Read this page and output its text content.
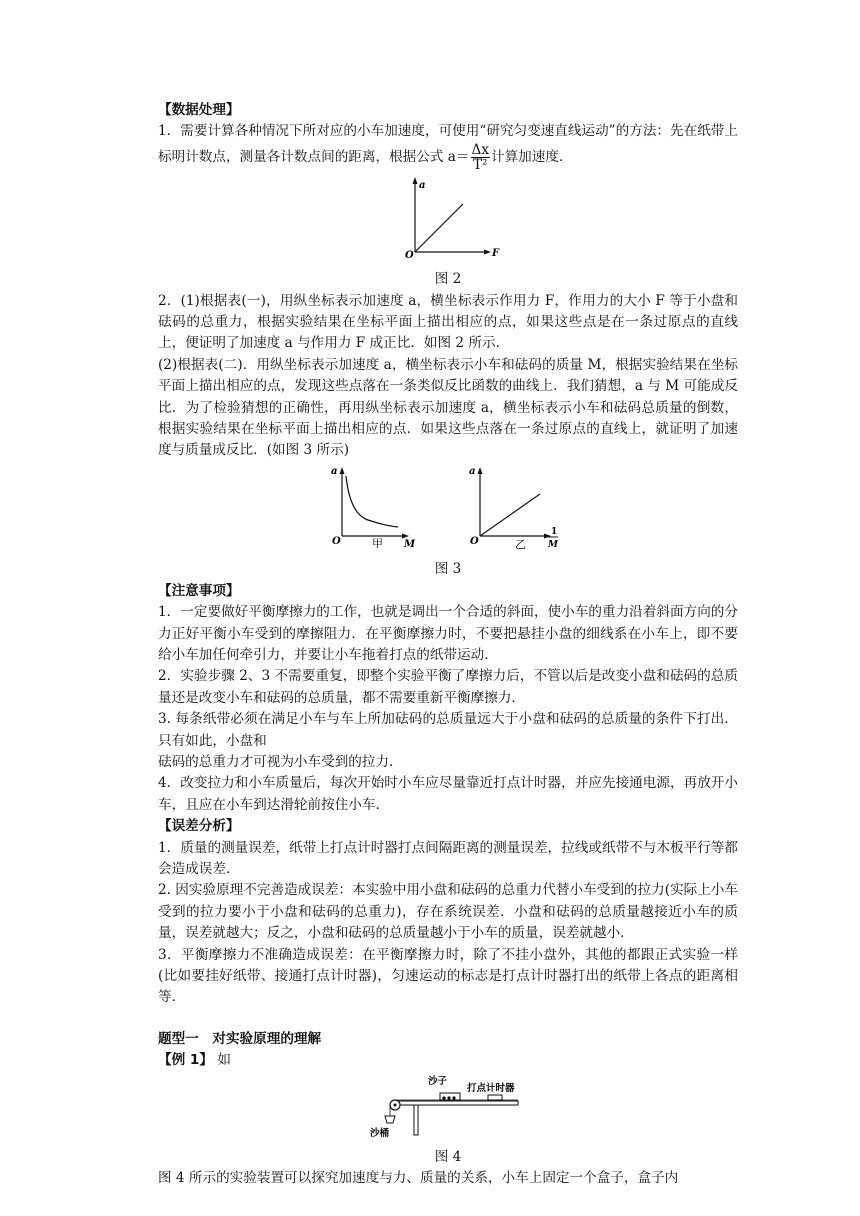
【数据处理】
1．需要计算各种情况下所对应的小车加速度，可使用“研究匀变速直线运动”的方法：先在纸带上标明计数点，测量各计数点间的距离，根据公式 $a= \frac{\Delta x}{\text{T²}}$ 计算加速度．
a
O	F
图 2
2．(1)根据表(一)，用纵坐标表示加速度 a，横坐标表示作用力 F，作用力的大小 F 等于小盘和砝码的总重力，根据实验结果在坐标平面上描出相应的点，如果这些点是在一条过原点的直线上，便证明了加速度 a 与作用力 F 成正比．如图 2 所示．
(2)根据表(二)．用纵坐标表示加速度 a，横坐标表示小车和砝码的质量 M，根据实验结果在坐标平面上描出相应的点，发现这些点落在一条类似反比函数的曲线上．我们猜想，a 与 M 可能成反比．为了检验猜想的正确性，再用纵坐标表示加速度 a，横坐标表示小车和砝码总质量的倒数，根据实验结果在坐标平面上描出相应的点．如果这些点落在一条过原点的直线上，就证明了加速度与质量成反比．(如图 3 所示)
a
O	M
甲
a
O
1
M
乙
图 3
【注意事项】
1．一定要做好平衡摩擦力的工作，也就是调出一个合适的斜面，使小车的重力沿着斜面方向的分力正好平衡小车受到的摩擦阻力．在平衡摩擦力时，不要把悬挂小盘的细线系在小车上，即不要给小车加任何牵引力，并要让小车拖着打点的纸带运动．
2．实验步骤 2、3 不需要重复，即整个实验平衡了摩擦力后，不管以后是改变小盘和砝码的总质量还是改变小车和砝码的总质量，都不需要重新平衡摩擦力．
3. 每条纸带必须在满足小车与车上所加砝码的总质量远大于小盘和砝码的总质量的条件下打出．只有如此，小盘和
砝码的总重力才可视为小车受到的拉力．
4．改变拉力和小车质量后，每次开始时小车应尽量靠近打点计时器，并应先接通电源，再放开小车，且应在小车到达滑轮前按住小车．
【误差分析】
1．质量的测量误差，纸带上打点计时器打点间隔距离的测量误差，拉线或纸带不与木板平行等都会造成误差．
2. 因实验原理不完善造成误差：本实验中用小盘和砝码的总重力代替小车受到的拉力(实际上小车受到的拉力要小于小盘和砝码的总重力)，存在系统误差．小盘和砝码的总质量越接近小车的质量，误差就越大；反之，小盘和砝码的总质量越小于小车的质量，误差就越小．
3．平衡摩擦力不准确造成误差：在平衡摩擦力时，除了不挂小盘外，其他的都跟正式实验一样(比如要挂好纸带、接通打点计时器)，匀速运动的标志是打点计时器打出的纸带上各点的距离相等．
题型一　对实验原理的理解
【例 1】 如
沙子
打点计时器
沙桶
图 4
图 4 所示的实验装置可以探究加速度与力、质量的关系，小车上固定一个盒子，盒子内
